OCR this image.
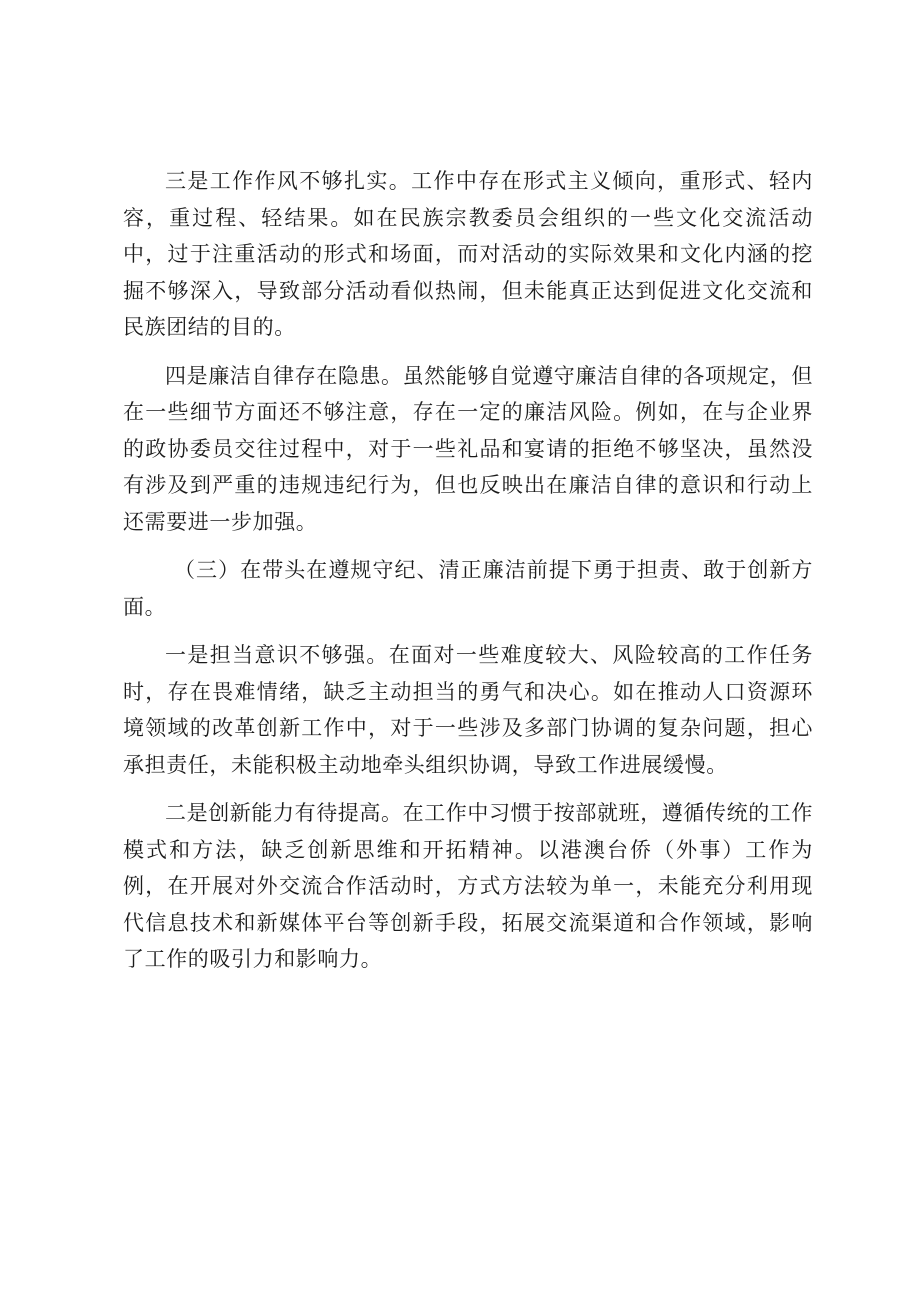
三是工作作风不够扎实。工作中存在形式主义倾向，重形式、轻内容，重过程、轻结果。如在民族宗教委员会组织的一些文化交流活动中，过于注重活动的形式和场面，而对活动的实际效果和文化内涵的挖掘不够深入，导致部分活动看似热闹，但未能真正达到促进文化交流和民族团结的目的。

四是廉洁自律存在隐患。虽然能够自觉遵守廉洁自律的各项规定，但在一些细节方面还不够注意，存在一定的廉洁风险。例如，在与企业界的政协委员交往过程中，对于一些礼品和宴请的拒绝不够坚决，虽然没有涉及到严重的违规违纪行为，但也反映出在廉洁自律的意识和行动上还需要进一步加强。

（三）在带头在遵规守纪、清正廉洁前提下勇于担责、敢于创新方面。

一是担当意识不够强。在面对一些难度较大、风险较高的工作任务时，存在畏难情绪，缺乏主动担当的勇气和决心。如在推动人口资源环境领域的改革创新工作中，对于一些涉及多部门协调的复杂问题，担心承担责任，未能积极主动地牵头组织协调，导致工作进展缓慢。

二是创新能力有待提高。在工作中习惯于按部就班，遵循传统的工作模式和方法，缺乏创新思维和开拓精神。以港澳台侨（外事）工作为例，在开展对外交流合作活动时，方式方法较为单一，未能充分利用现代信息技术和新媒体平台等创新手段，拓展交流渠道和合作领域，影响了工作的吸引力和影响力。
